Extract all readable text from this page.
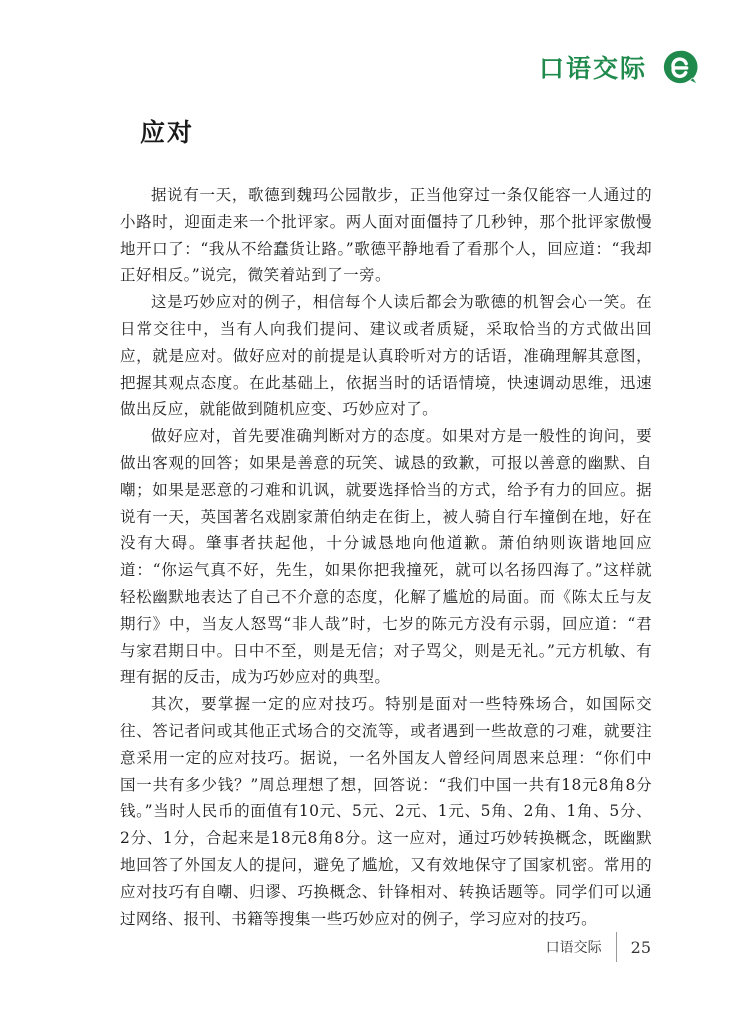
口语交际
应对

据说有一天，歌德到魏玛公园散步，正当他穿过一条仅能容一人通过的小路时，迎面走来一个批评家。两人面对面僵持了几秒钟，那个批评家傲慢地开口了：“我从不给蠢货让路。”歌德平静地看了看那个人，回应道：“我却正好相反。”说完，微笑着站到了一旁。

这是巧妙应对的例子，相信每个人读后都会为歌德的机智会心一笑。在日常交往中，当有人向我们提问、建议或者质疑，采取恰当的方式做出回应，就是应对。做好应对的前提是认真聆听对方的话语，准确理解其意图，把握其观点态度。在此基础上，依据当时的话语情境，快速调动思维，迅速做出反应，就能做到随机应变、巧妙应对了。

做好应对，首先要准确判断对方的态度。如果对方是一般性的询问，要做出客观的回答；如果是善意的玩笑、诚恳的致歉，可报以善意的幽默、自嘲；如果是恶意的刁难和讥讽，就要选择恰当的方式，给予有力的回应。据说有一天，英国著名戏剧家萧伯纳走在街上，被人骑自行车撞倒在地，好在没有大碍。肇事者扶起他，十分诚恳地向他道歉。萧伯纳则诙谐地回应道：“你运气真不好，先生，如果你把我撞死，就可以名扬四海了。”这样就轻松幽默地表达了自己不介意的态度，化解了尴尬的局面。而《陈太丘与友期行》中，当友人怒骂“非人哉”时，七岁的陈元方没有示弱，回应道：“君与家君期日中。日中不至，则是无信；对子骂父，则是无礼。”元方机敏、有理有据的反击，成为巧妙应对的典型。

其次，要掌握一定的应对技巧。特别是面对一些特殊场合，如国际交往、答记者问或其他正式场合的交流等，或者遇到一些故意的刁难，就要注意采用一定的应对技巧。据说，一名外国友人曾经问周恩来总理：“你们中国一共有多少钱？”周总理想了想，回答说：“我们中国一共有18元8角8分钱。”当时人民币的面值有10元、5元、2元、1元、5角、2角、1角、5分、2分、1分，合起来是18元8角8分。这一应对，通过巧妙转换概念，既幽默地回答了外国友人的提问，避免了尴尬，又有效地保守了国家机密。常用的应对技巧有自嘲、归谬、巧换概念、针锋相对、转换话题等。同学们可以通过网络、报刊、书籍等搜集一些巧妙应对的例子，学习应对的技巧。

口语交际 25
